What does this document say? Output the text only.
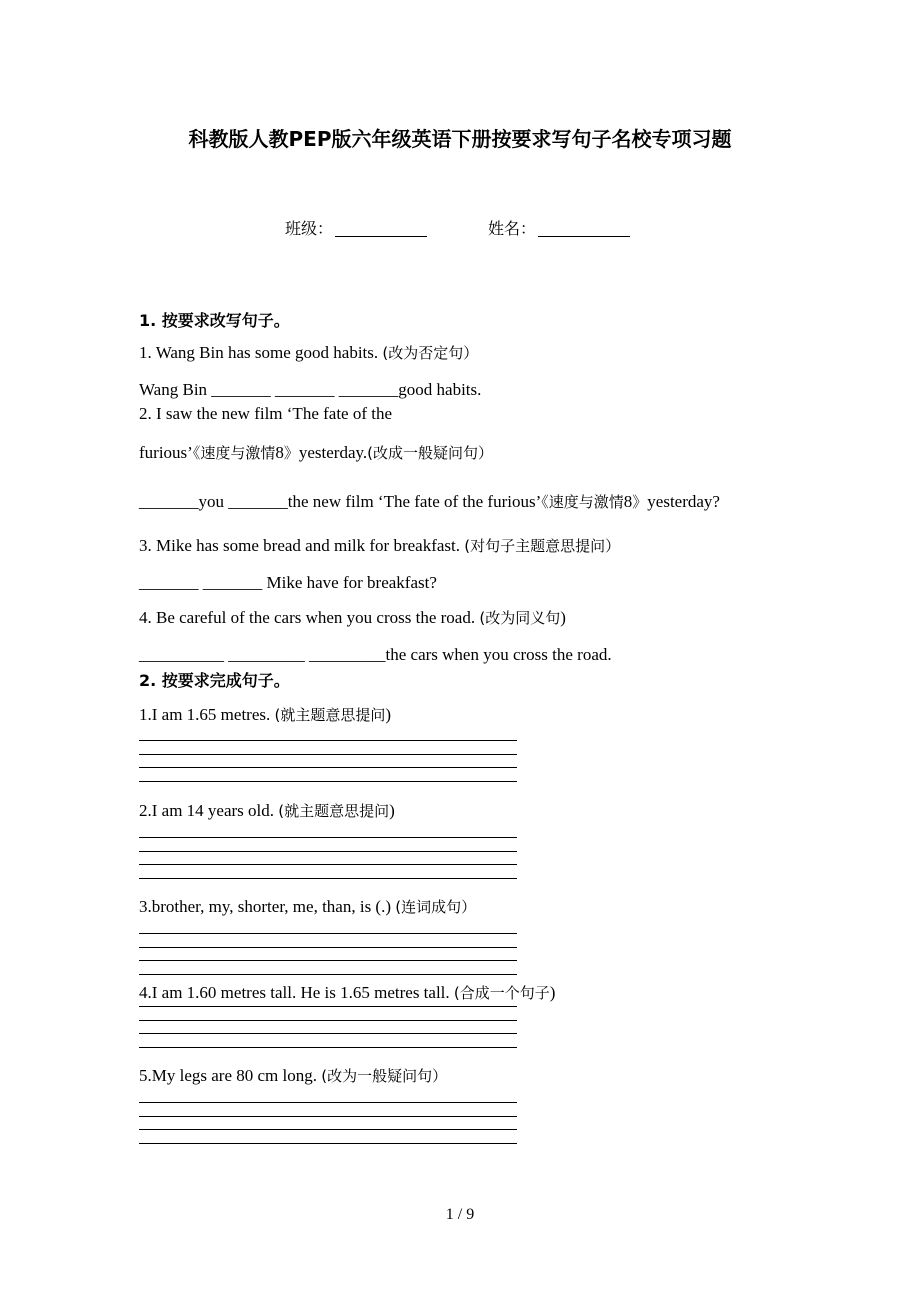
科教版人教PEP版六年级英语下册按要求写句子名校专项习题
班级：	姓名：
1. 按要求改写句子。
1. Wang Bin has some good habits. (改为否定句）
Wang Bin _______ _______ _______good habits.
2. I saw the new film ‘The fate of the
furious’《速度与激情8》yesterday.(改成一般疑问句）
_______you _______the new film ‘The fate of the furious’《速度与激情8》yesterday?
3. Mike has some bread and milk for breakfast. (对句子主题意思提问）
_______ _______ Mike have for breakfast?
4. Be careful of the cars when you cross the road. (改为同义句)
__________ _________ _________the cars when you cross the road.
2. 按要求完成句子。
1.I am 1.65 metres. (就主题意思提问)
2.I am 14 years old. (就主题意思提问)
3.brother, my, shorter, me, than, is (.) (连词成句）
4.I am 1.60 metres tall. He is 1.65 metres tall. (合成一个句子)
5.My legs are 80 cm long. (改为一般疑问句）
1 / 9
